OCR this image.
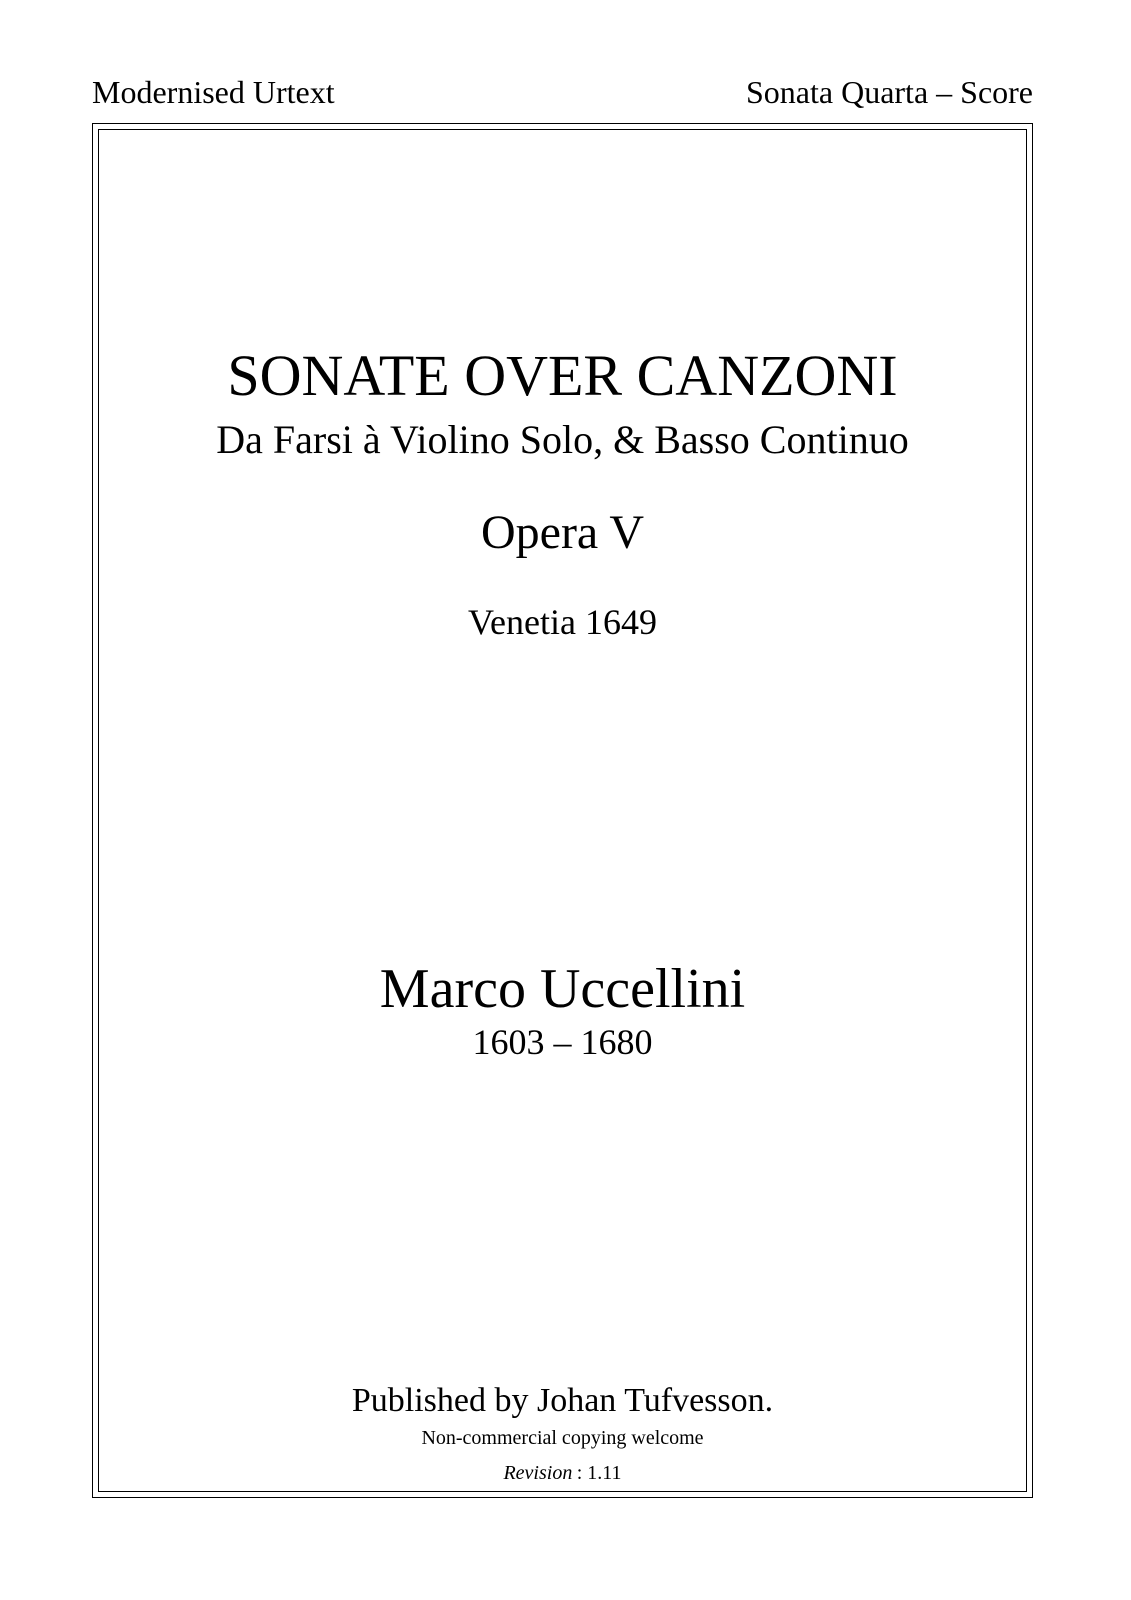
Modernised Urtext	Sonata Quarta – Score
SONATE OVER CANZONI
Da Farsi à Violino Solo, & Basso Continuo
Opera V
Venetia 1649
Marco Uccellini
1603 – 1680
Published by Johan Tufvesson.
Non-commercial copying welcome
Revision : 1.11
